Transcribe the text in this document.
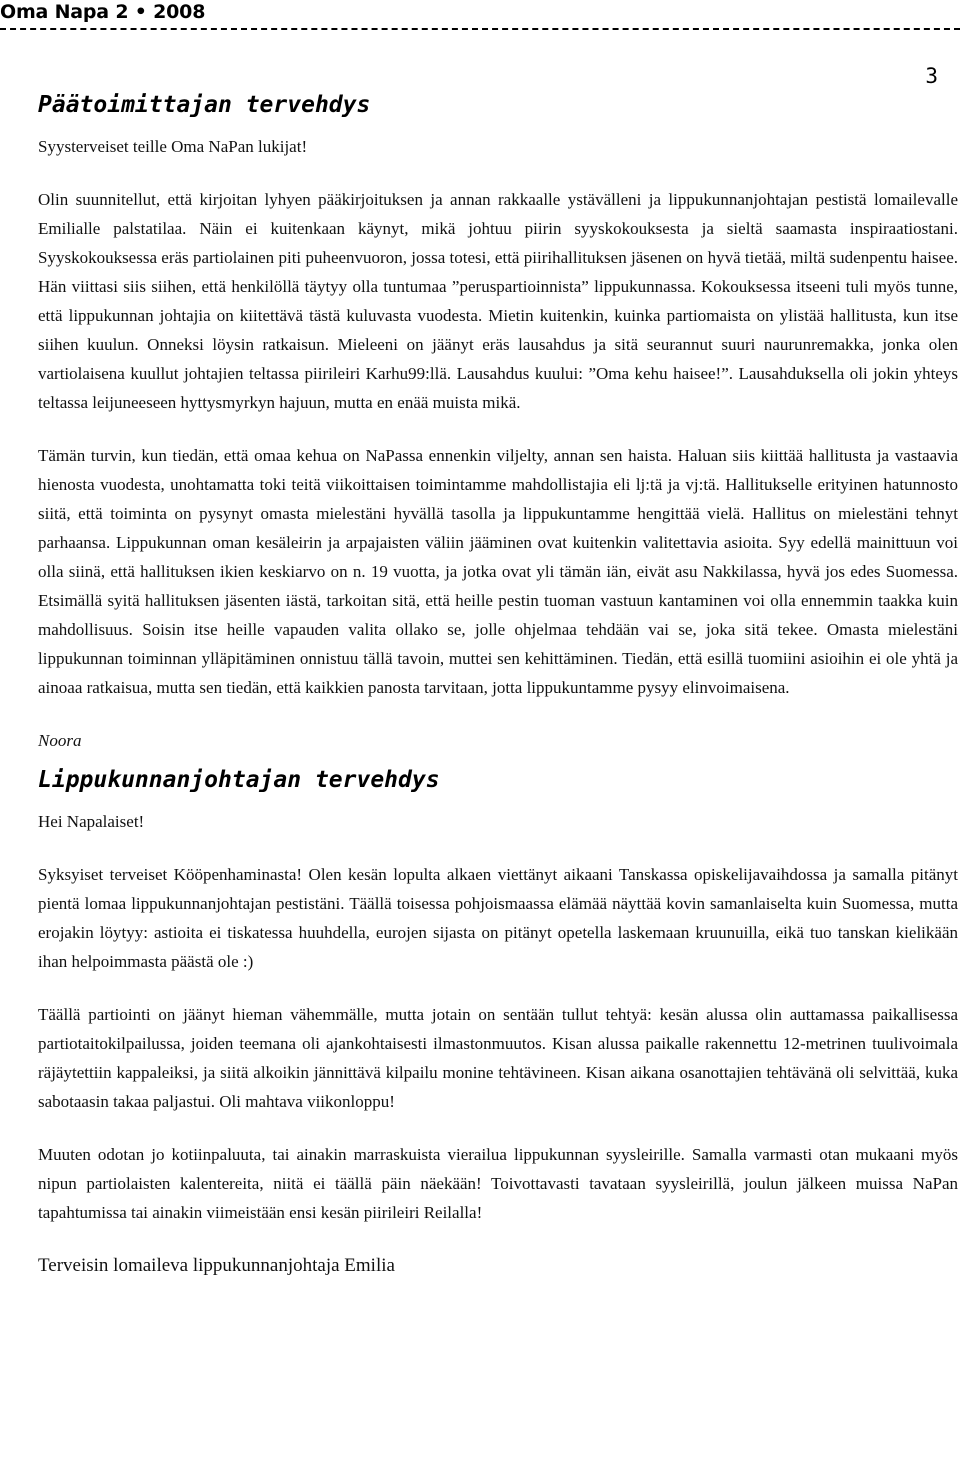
Oma Napa 2 • 2008
3
Päätoimittajan tervehdys

Syysterveiset teille Oma NaPan lukijat!

Olin suunnitellut, että kirjoitan lyhyen pääkirjoituksen ja annan rakkaalle ystävälleni ja lippukunnanjohtajan pestistä lomailevalle Emilialle palstatilaa. Näin ei kuitenkaan käynyt, mikä johtuu piirin syyskokouksesta ja sieltä saamasta inspiraatiostani. Syyskokouksessa eräs partiolainen piti puheenvuoron, jossa totesi, että piirihallituksen jäsenen on hyvä tietää, miltä sudenpentu haisee. Hän viittasi siis siihen, että henkilöllä täytyy olla tuntumaa ”peruspartioinnista” lippukunnassa. Kokouksessa itseeni tuli myös tunne, että lippukunnan johtajia on kiitettävä tästä kuluvasta vuodesta. Mietin kuitenkin, kuinka partiomaista on ylistää hallitusta, kun itse siihen kuulun. Onneksi löysin ratkaisun. Mieleeni on jäänyt eräs lausahdus ja sitä seurannut suuri naurunremakka, jonka olen vartiolaisena kuullut johtajien teltassa piirileiri Karhu99:llä. Lausahdus kuului: ”Oma kehu haisee!”. Lausahduksella oli jokin yhteys teltassa leijuneeseen hyttysmyrkyn hajuun, mutta en enää muista mikä.

Tämän turvin, kun tiedän, että omaa kehua on NaPassa ennenkin viljelty, annan sen haista. Haluan siis kiittää hallitusta ja vastaavia hienosta vuodesta, unohtamatta toki teitä viikoittaisen toimintamme mahdollistajia eli lj:tä ja vj:tä. Hallitukselle erityinen hatunnosto siitä, että toiminta on pysynyt omasta mielestäni hyvällä tasolla ja lippukuntamme hengittää vielä. Hallitus on mielestäni tehnyt parhaansa. Lippukunnan oman kesäleirin ja arpajaisten väliin jääminen ovat kuitenkin valitettavia asioita. Syy edellä mainittuun voi olla siinä, että hallituksen ikien keskiarvo on n. 19 vuotta, ja jotka ovat yli tämän iän, eivät asu Nakkilassa, hyvä jos edes Suomessa. Etsimällä syitä hallituksen jäsenten iästä, tarkoitan sitä, että heille pestin tuoman vastuun kantaminen voi olla ennemmin taakka kuin mahdollisuus. Soisin itse heille vapauden valita ollako se, jolle ohjelmaa tehdään vai se, joka sitä tekee. Omasta mielestäni lippukunnan toiminnan ylläpitäminen onnistuu tällä tavoin, muttei sen kehittäminen. Tiedän, että esillä tuomiini asioihin ei ole yhtä ja ainoaa ratkaisua, mutta sen tiedän, että kaikkien panosta tarvitaan, jotta lippukuntamme pysyy elinvoimaisena.

Noora

Lippukunnanjohtajan tervehdys

Hei Napalaiset!

Syksyiset terveiset Kööpenhaminasta! Olen kesän lopulta alkaen viettänyt aikaani Tanskassa opiskelijavaihdossa ja samalla pitänyt pientä lomaa lippukunnanjohtajan pestistäni. Täällä toisessa pohjoismaassa elämää näyttää kovin samanlaiselta kuin Suomessa, mutta erojakin löytyy: astioita ei tiskatessa huuhdella, eurojen sijasta on pitänyt opetella laskemaan kruunuilla, eikä tuo tanskan kielikään ihan helpoimmasta päästä ole :)

Täällä partiointi on jäänyt hieman vähemmälle, mutta jotain on sentään tullut tehtyä: kesän alussa olin auttamassa paikallisessa partiotaitokilpailussa, joiden teemana oli ajankohtaisesti ilmastonmuutos. Kisan alussa paikalle rakennettu 12-metrinen tuulivoimala räjäytettiin kappaleiksi, ja siitä alkoikin jännittävä kilpailu monine tehtävineen. Kisan aikana osanottajien tehtävänä oli selvittää, kuka sabotaasin takaa paljastui. Oli mahtava viikonloppu!

Muuten odotan jo kotiinpaluuta, tai ainakin marraskuista vierailua lippukunnan syysleirille. Samalla varmasti otan mukaani myös nipun partiolaisten kalentereita, niitä ei täällä päin näekään! Toivottavasti tavataan syysleirillä, joulun jälkeen muissa NaPan tapahtumissa tai ainakin viimeistään ensi kesän piirileiri Reilalla!

Terveisin lomaileva lippukunnanjohtaja Emilia
